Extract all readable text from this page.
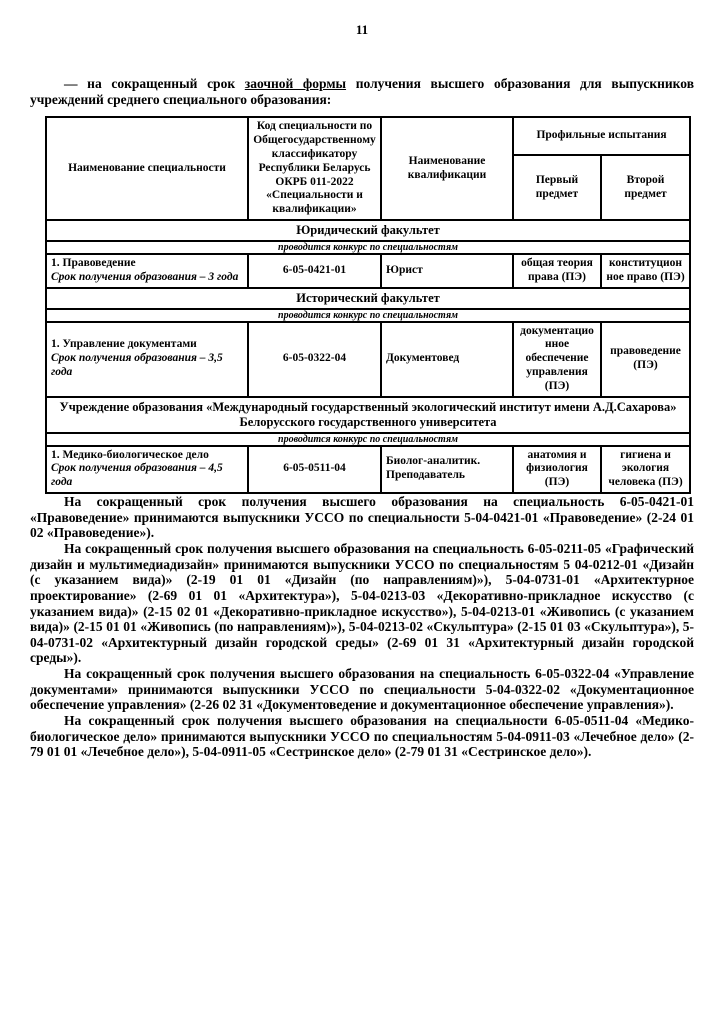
11

— на сокращенный срок заочной формы получения высшего образования для выпускников учреждений среднего специального образования:

Наименование специальности	Код специальности по Общегосударственному классификатору Республики Беларусь ОКРБ 011-2022 «Специальности и квалификации»	Наименование квалификации	Профильные испытания	
			Первый предмет	Второй предмет
Юридический факультет				
проводится конкурс по специальностям				

1. Правоведение
Срок получения образования – 3 года	6-05-0421-01	Юрист	общая теория права (ПЭ)	конституционное право (ПЭ)
Исторический факультет				
проводится конкурс по специальностям				

1. Управление документами
Срок получения образования – 3,5 года	6-05-0322-04	Документовед	документационное обеспечение управления (ПЭ)	правоведение (ПЭ)
Учреждение образования «Международный государственный экологический институт имени А.Д.Сахарова» Белорусского государственного университета				
проводится конкурс по специальностям				

1. Медико-биологическое дело
Срок получения образования – 4,5 года	6-05-0511-04	Биолог-аналитик. Преподаватель	анатомия и физиология (ПЭ)	гигиена и экология человека (ПЭ)

На сокращенный срок получения высшего образования на специальность 6-05-0421-01 «Правоведение» принимаются выпускники УССО по специальности 5-04-0421-01 «Правоведение» (2-24 01 02 «Правоведение»).

На сокращенный срок получения высшего образования на специальность 6-05-0211-05 «Графический дизайн и мультимедиадизайн» принимаются выпускники УССО по специальностям 5 04-0212-01 «Дизайн (с указанием вида)» (2-19 01 01 «Дизайн (по направлениям)»), 5-04-0731-01 «Архитектурное проектирование» (2-69 01 01 «Архитектура»), 5-04-0213-03 «Декоративно-прикладное искусство (с указанием вида)» (2-15 02 01 «Декоративно-прикладное искусство»), 5-04-0213-01 «Живопись (с указанием вида)» (2-15 01 01 «Живопись (по направлениям)»), 5-04-0213-02 «Скульптура» (2-15 01 03 «Скульптура»), 5-04-0731-02 «Архитектурный дизайн городской среды» (2-69 01 31 «Архитектурный дизайн городской среды»).

На сокращенный срок получения высшего образования на специальность 6-05-0322-04 «Управление документами» принимаются выпускники УССО по специальности 5-04-0322-02 «Документационное обеспечение управления» (2-26 02 31 «Документоведение и документационное обеспечение управления»).

На сокращенный срок получения высшего образования на специальности 6-05-0511-04 «Медико-биологическое дело» принимаются выпускники УССО по специальностям 5-04-0911-03 «Лечебное дело» (2-79 01 01 «Лечебное дело»), 5-04-0911-05 «Сестринское дело» (2-79 01 31 «Сестринское дело»).
